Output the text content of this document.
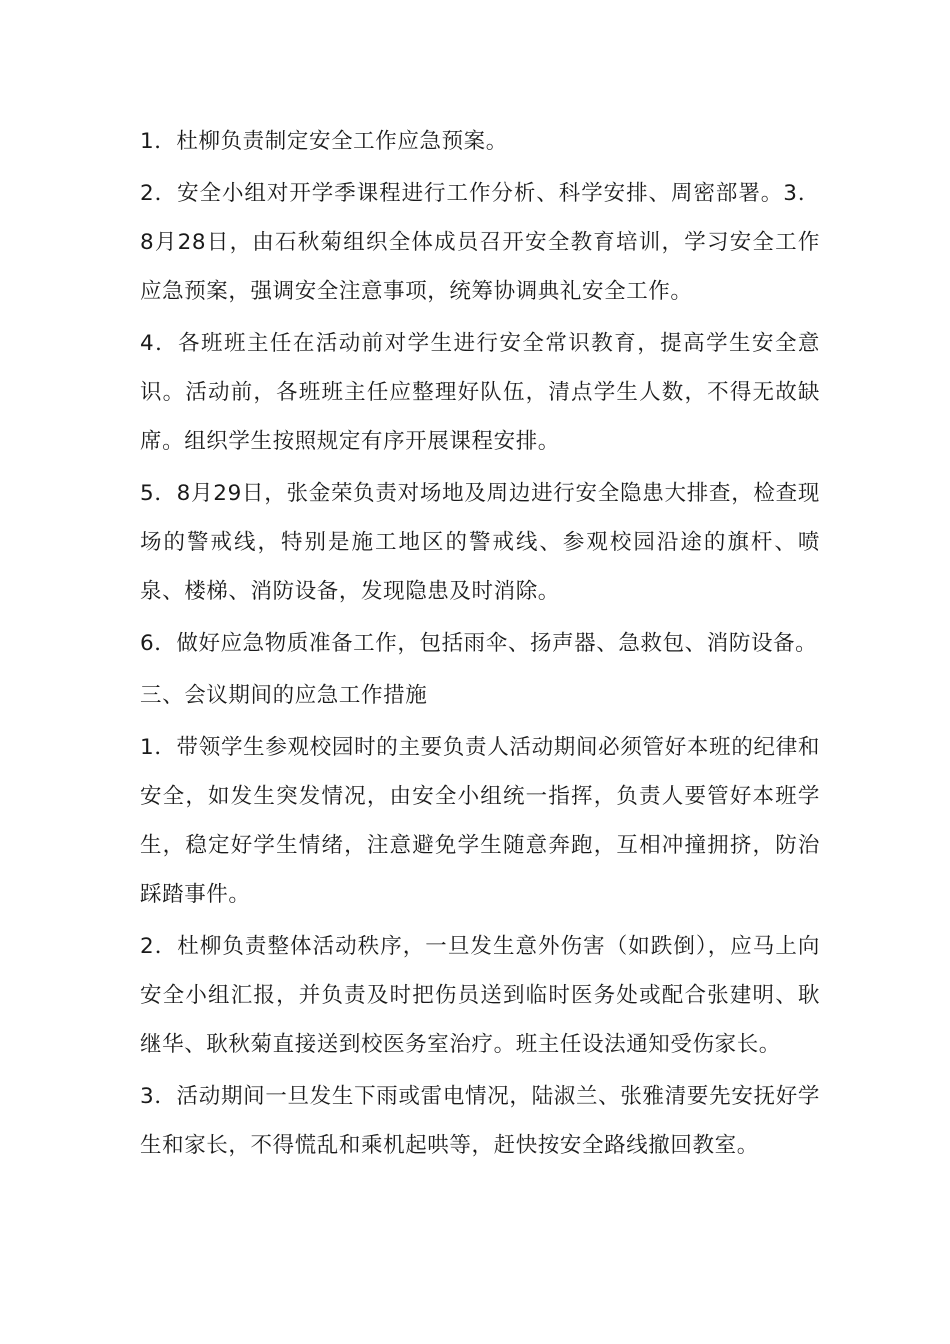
1．杜柳负责制定安全工作应急预案。

2．安全小组对开学季课程进行工作分析、科学安排、周密部署。3．8月28日，由石秋菊组织全体成员召开安全教育培训，学习安全工作应急预案，强调安全注意事项，统筹协调典礼安全工作。

4．各班班主任在活动前对学生进行安全常识教育，提高学生安全意识。活动前，各班班主任应整理好队伍，清点学生人数，不得无故缺席。组织学生按照规定有序开展课程安排。

5．8月29日，张金荣负责对场地及周边进行安全隐患大排查，检查现场的警戒线，特别是施工地区的警戒线、参观校园沿途的旗杆、喷泉、楼梯、消防设备，发现隐患及时消除。

6．做好应急物质准备工作，包括雨伞、扬声器、急救包、消防设备。

三、会议期间的应急工作措施

1．带领学生参观校园时的主要负责人活动期间必须管好本班的纪律和安全，如发生突发情况，由安全小组统一指挥，负责人要管好本班学生，稳定好学生情绪，注意避免学生随意奔跑，互相冲撞拥挤，防治踩踏事件。

2．杜柳负责整体活动秩序，一旦发生意外伤害（如跌倒），应马上向安全小组汇报，并负责及时把伤员送到临时医务处或配合张建明、耿继华、耿秋菊直接送到校医务室治疗。班主任设法通知受伤家长。

3．活动期间一旦发生下雨或雷电情况，陆淑兰、张雅清要先安抚好学生和家长，不得慌乱和乘机起哄等，赶快按安全路线撤回教室。
